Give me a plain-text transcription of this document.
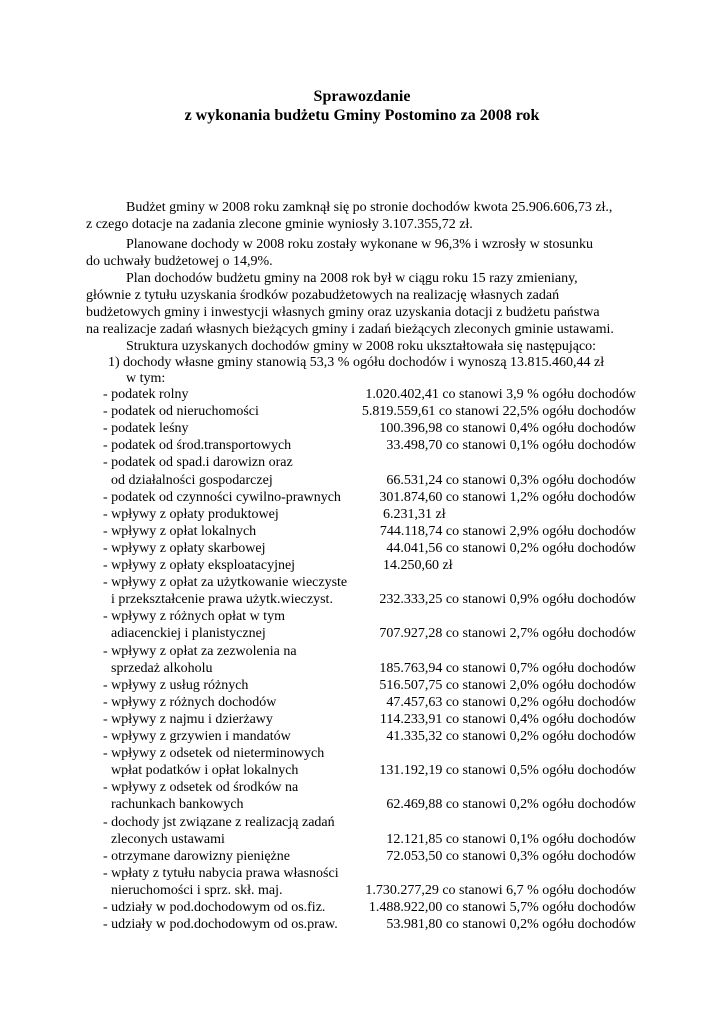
Sprawozdanie
z wykonania budżetu Gminy Postomino za 2008 rok
Budżet gminy w 2008 roku zamknął się po stronie dochodów kwota 25.906.606,73 zł.,
z czego dotacje na zadania zlecone gminie wyniosły 3.107.355,72 zł.
Planowane dochody w 2008 roku zostały wykonane w 96,3% i wzrosły w stosunku
do uchwały budżetowej o 14,9%.
Plan dochodów budżetu gminy na 2008 rok był w ciągu roku 15 razy zmieniany,
głównie z tytułu uzyskania środków pozabudżetowych na realizację własnych zadań
budżetowych gminy i inwestycji własnych gminy oraz uzyskania dotacji z budżetu państwa
na realizacje zadań własnych bieżących gminy i zadań bieżących zleconych gminie ustawami.
Struktura uzyskanych dochodów gminy w 2008 roku ukształtowała się następująco:
1) dochody własne gminy stanowią 53,3 % ogółu dochodów i wynoszą 13.815.460,44 zł
w tym:
- podatek rolny	1.020.402,41 co stanowi 3,9 % ogółu dochodów
- podatek od nieruchomości	5.819.559,61 co stanowi 22,5% ogółu dochodów
- podatek leśny	100.396,98 co stanowi 0,4% ogółu dochodów
- podatek od środ.transportowych	33.498,70 co stanowi 0,1% ogółu dochodów
- podatek od spad.i darowizn oraz
od działalności gospodarczej	66.531,24 co stanowi 0,3% ogółu dochodów
- podatek od czynności cywilno-prawnych	301.874,60 co stanowi 1,2% ogółu dochodów
- wpływy z opłaty produktowej	6.231,31 zł
- wpływy z opłat lokalnych	744.118,74 co stanowi 2,9% ogółu dochodów
- wpływy z opłaty skarbowej	44.041,56 co stanowi 0,2% ogółu dochodów
- wpływy z opłaty eksploatacyjnej	14.250,60 zł
- wpływy z opłat za użytkowanie wieczyste
i przekształcenie prawa użytk.wieczyst.	232.333,25 co stanowi 0,9% ogółu dochodów
- wpływy z różnych opłat w tym
adiacenckiej i planistycznej	707.927,28 co stanowi 2,7% ogółu dochodów
- wpływy z opłat za zezwolenia na
sprzedaż alkoholu	185.763,94 co stanowi 0,7% ogółu dochodów
- wpływy z usług różnych	516.507,75 co stanowi 2,0% ogółu dochodów
- wpływy z różnych dochodów	47.457,63 co stanowi 0,2% ogółu dochodów
- wpływy z najmu i dzierżawy	114.233,91 co stanowi 0,4% ogółu dochodów
- wpływy z grzywien i mandatów	41.335,32 co stanowi 0,2% ogółu dochodów
- wpływy z odsetek od nieterminowych
wpłat podatków i opłat lokalnych	131.192,19 co stanowi 0,5% ogółu dochodów
- wpływy z odsetek od środków na
rachunkach bankowych	62.469,88 co stanowi 0,2% ogółu dochodów
- dochody jst związane z realizacją zadań
zleconych ustawami	12.121,85 co stanowi 0,1% ogółu dochodów
- otrzymane darowizny pieniężne	72.053,50 co stanowi 0,3% ogółu dochodów
- wpłaty z tytułu nabycia prawa własności
nieruchomości i sprz. skł. maj.	1.730.277,29 co stanowi 6,7 % ogółu dochodów
- udziały w pod.dochodowym od os.fiz.	1.488.922,00 co stanowi 5,7% ogółu dochodów
- udziały w pod.dochodowym od os.praw.	53.981,80 co stanowi 0,2% ogółu dochodów
